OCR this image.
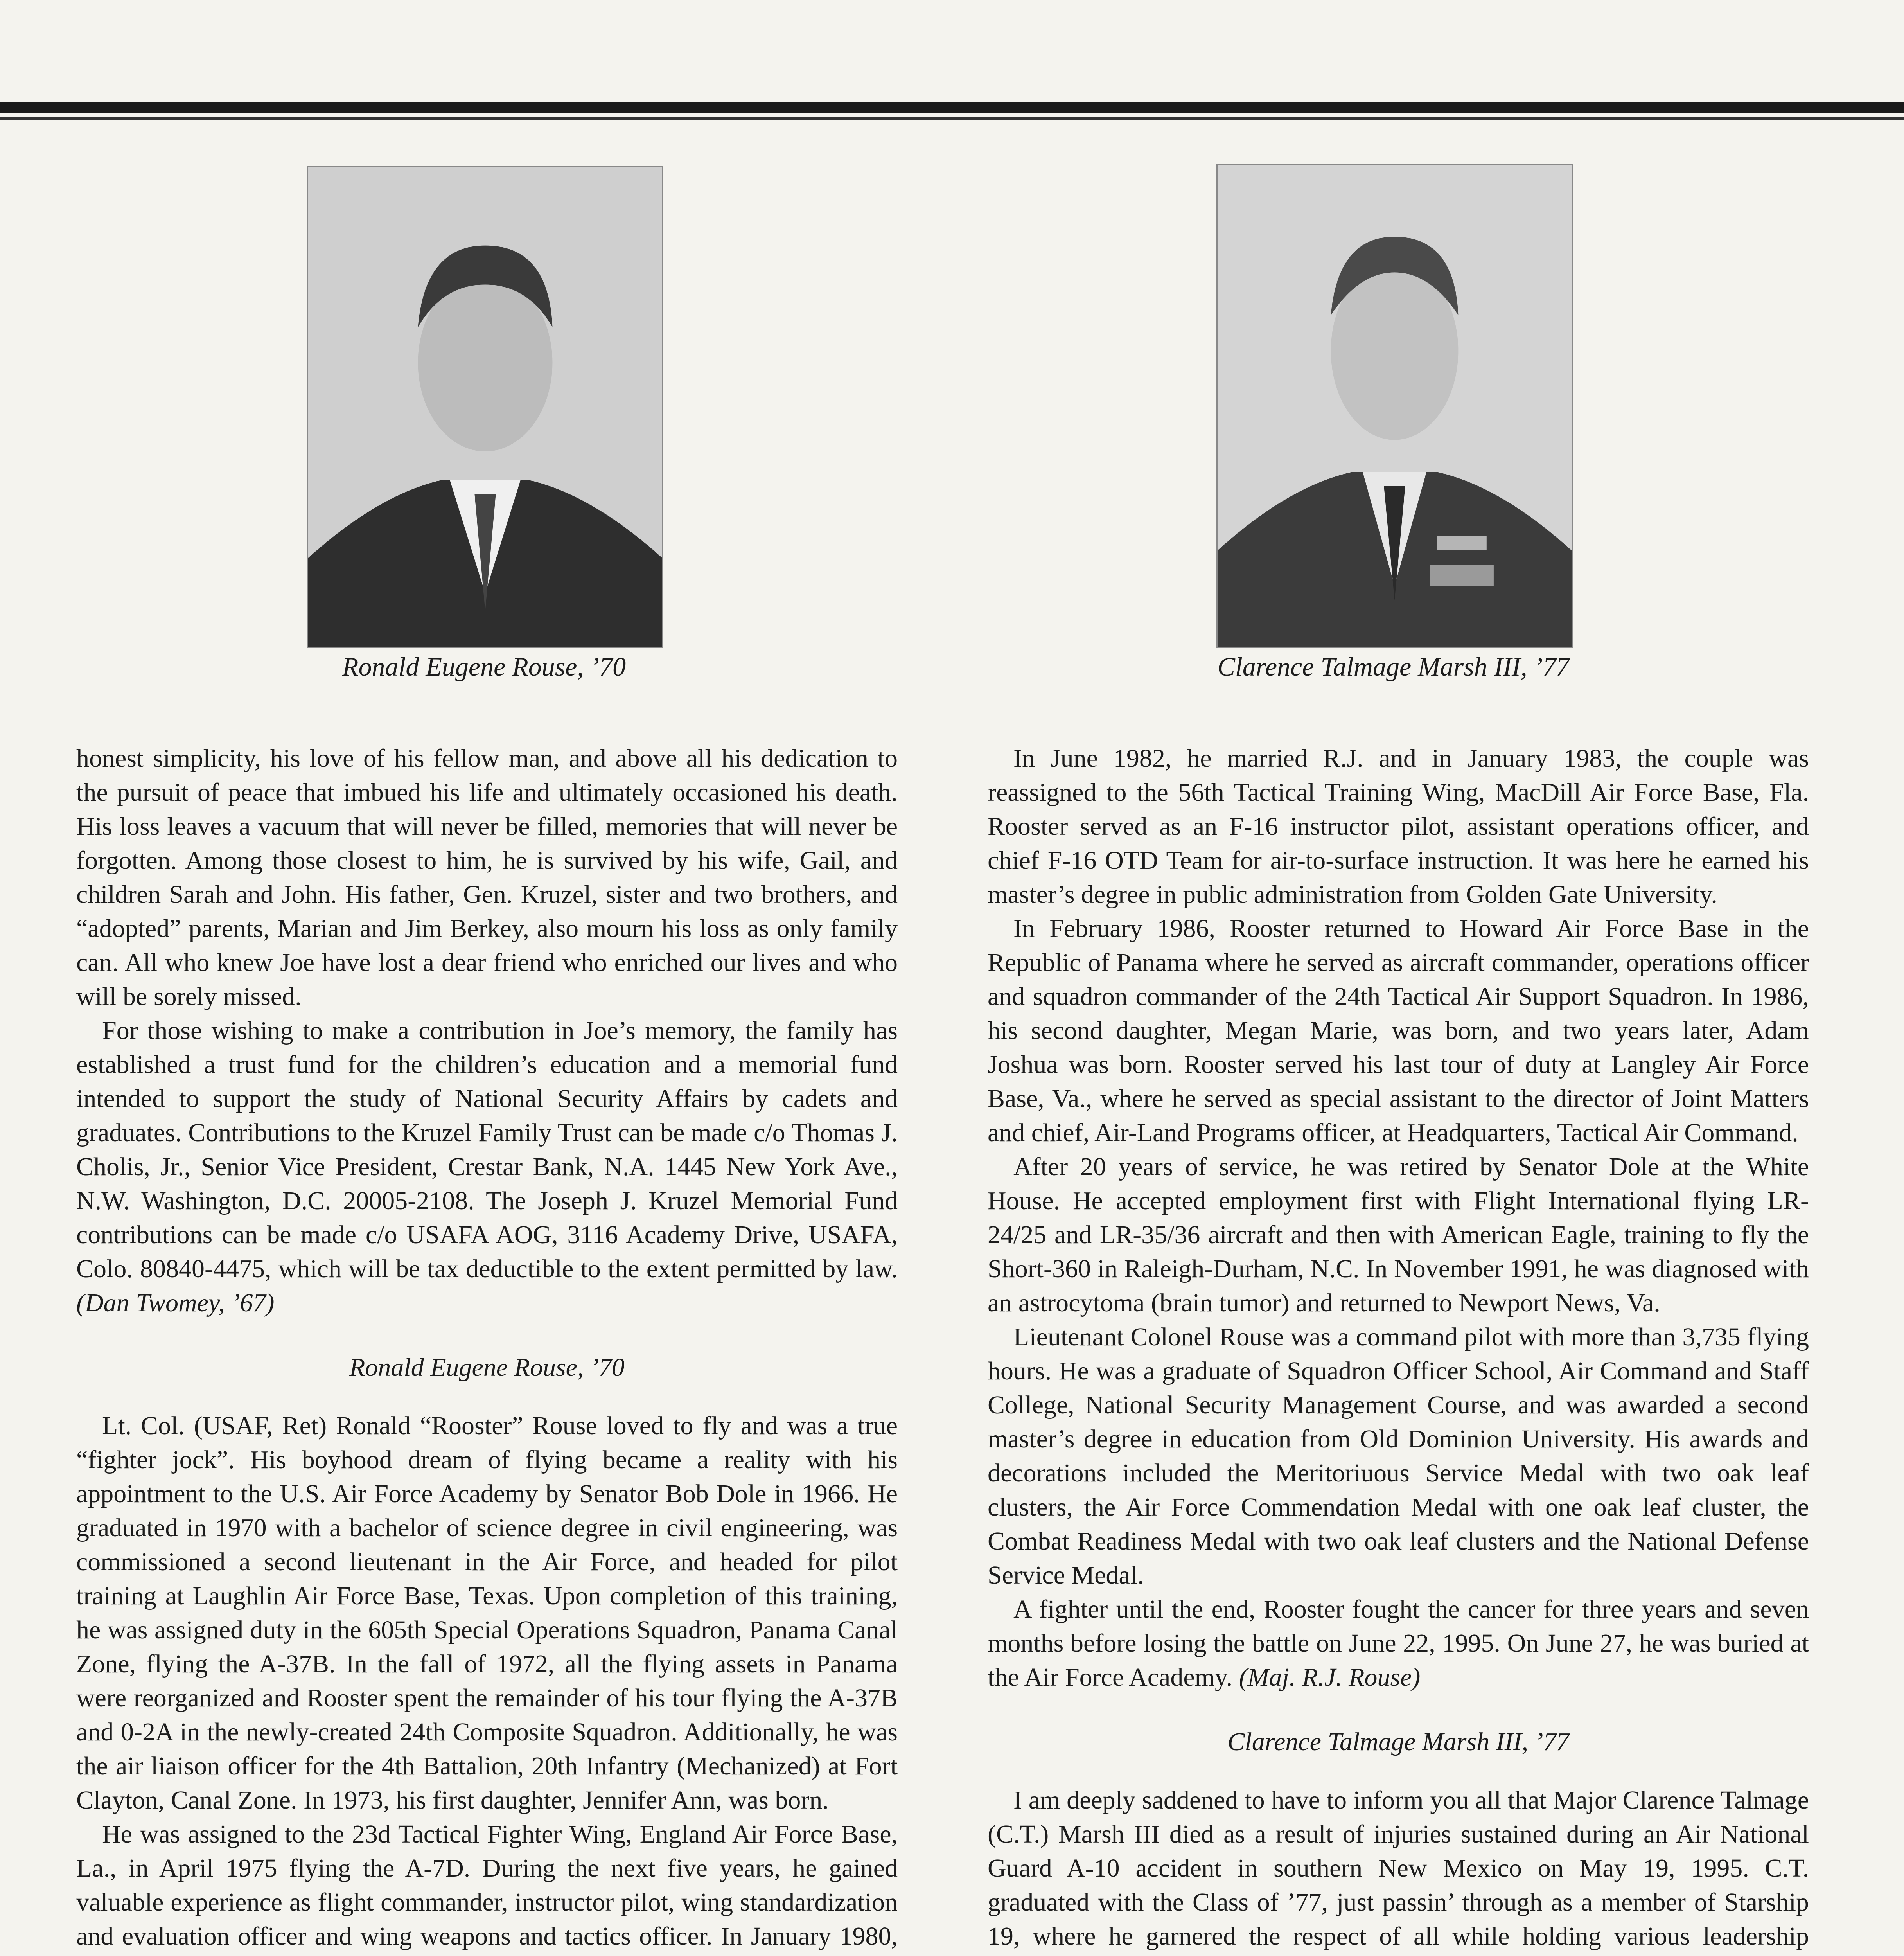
Ronald Eugene Rouse, ’70	Clarence Talmage Marsh III, ’77

honest simplicity, his love of his fellow man, and above all his dedication to the pursuit of peace that imbued his life and ultimately occasioned his death. His loss leaves a vacuum that will never be filled, memories that will never be forgotten. Among those closest to him, he is survived by his wife, Gail, and children Sarah and John. His father, Gen. Kruzel, sister and two brothers, and “adopted” parents, Marian and Jim Berkey, also mourn his loss as only family can. All who knew Joe have lost a dear friend who enriched our lives and who will be sorely missed.

For those wishing to make a contribution in Joe’s memory, the family has established a trust fund for the children’s education and a memorial fund intended to support the study of National Security Affairs by cadets and graduates. Contributions to the Kruzel Family Trust can be made c/o Thomas J. Cholis, Jr., Senior Vice President, Crestar Bank, N.A. 1445 New York Ave., N.W. Washington, D.C. 20005-2108. The Joseph J. Kruzel Memorial Fund contributions can be made c/o USAFA AOG, 3116 Academy Drive, USAFA, Colo. 80840-4475, which will be tax deductible to the extent permitted by law. (Dan Twomey, ’67)

Ronald Eugene Rouse, ’70

Lt. Col. (USAF, Ret) Ronald “Rooster” Rouse loved to fly and was a true “fighter jock”. His boyhood dream of flying became a reality with his appointment to the U.S. Air Force Academy by Senator Bob Dole in 1966. He graduated in 1970 with a bachelor of science degree in civil engineering, was commissioned a second lieutenant in the Air Force, and headed for pilot training at Laughlin Air Force Base, Texas. Upon completion of this training, he was assigned duty in the 605th Special Operations Squadron, Panama Canal Zone, flying the A-37B. In the fall of 1972, all the flying assets in Panama were reorganized and Rooster spent the remainder of his tour flying the A-37B and 0-2A in the newly-created 24th Composite Squadron. Additionally, he was the air liaison officer for the 4th Battalion, 20th Infantry (Mechanized) at Fort Clayton, Canal Zone. In 1973, his first daughter, Jennifer Ann, was born.

He was assigned to the 23d Tactical Fighter Wing, England Air Force Base, La., in April 1975 flying the A-7D. During the next five years, he gained valuable experience as flight commander, instructor pilot, wing standardization and evaluation officer and wing weapons and tactics officer. In January 1980,

In June 1982, he married R.J. and in January 1983, the couple was reassigned to the 56th Tactical Training Wing, MacDill Air Force Base, Fla. Rooster served as an F-16 instructor pilot, assistant operations officer, and chief F-16 OTD Team for air-to-surface instruction. It was here he earned his master’s degree in public administration from Golden Gate University.

In February 1986, Rooster returned to Howard Air Force Base in the Republic of Panama where he served as aircraft commander, operations officer and squadron commander of the 24th Tactical Air Support Squadron. In 1986, his second daughter, Megan Marie, was born, and two years later, Adam Joshua was born. Rooster served his last tour of duty at Langley Air Force Base, Va., where he served as special assistant to the director of Joint Matters and chief, Air-Land Programs officer, at Headquarters, Tactical Air Command.

After 20 years of service, he was retired by Senator Dole at the White House. He accepted employment first with Flight International flying LR-24/25 and LR-35/36 aircraft and then with American Eagle, training to fly the Short-360 in Raleigh-Durham, N.C. In November 1991, he was diagnosed with an astrocytoma (brain tumor) and returned to Newport News, Va.

Lieutenant Colonel Rouse was a command pilot with more than 3,735 flying hours. He was a graduate of Squadron Officer School, Air Command and Staff College, National Security Management Course, and was awarded a second master’s degree in education from Old Dominion University. His awards and decorations included the Meritoriuous Service Medal with two oak leaf clusters, the Air Force Commendation Medal with one oak leaf cluster, the Combat Readiness Medal with two oak leaf clusters and the National Defense Service Medal.

A fighter until the end, Rooster fought the cancer for three years and seven months before losing the battle on June 22, 1995. On June 27, he was buried at the Air Force Academy. (Maj. R.J. Rouse)

Clarence Talmage Marsh III, ’77

I am deeply saddened to have to inform you all that Major Clarence Talmage (C.T.) Marsh III died as a result of injuries sustained during an Air National Guard A-10 accident in southern New Mexico on May 19, 1995. C.T. graduated with the Class of ’77, just passin’ through as a member of Starship 19, where he garnered the respect of all while holding various leadership
